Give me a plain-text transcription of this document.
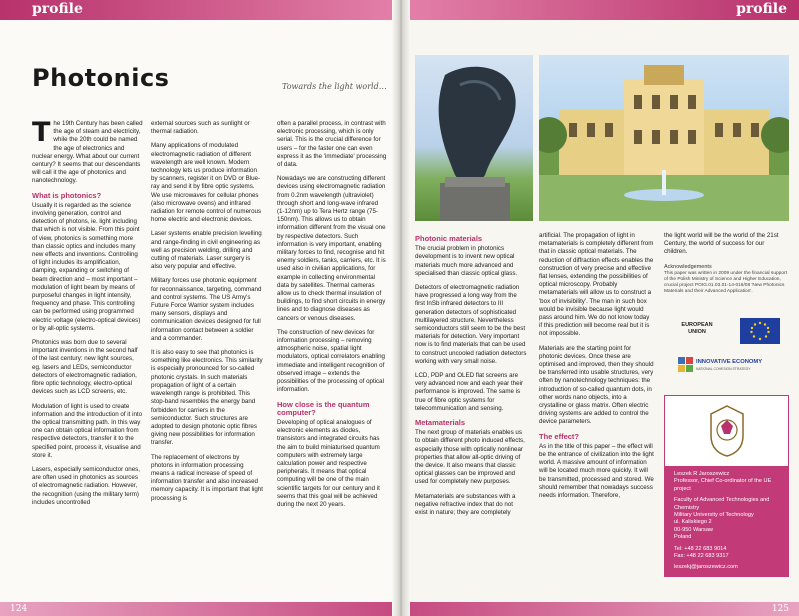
profile	profile
Photonics	Towards the light world…

The 19th Century has been called the age of steam and electricity, while the 20th could be named the age of electronics and nuclear energy. What about our current century? It seems that our descendants will call it the age of photonics and nanotechnology.

What is photonics?

Usually it is regarded as the science involving generation, control and detection of photons, ie. light including that which is not visible. From this point of view, photonics is something more than classic optics and includes many new effects and inventions. Controlling of light includes its amplification, damping, expanding or switching of beam direction and – most important – modulation of light beam by means of purposeful changes in light intensity, frequency and phase. This controlling can be performed using programmed electric voltage (electro-optical devices) or by all-optic systems.

Photonics was born due to several important inventions in the second half of the last century: new light sources, eg. lasers and LEDs, semiconductor detectors of electromagnetic radiation, fibre optic technology, electro-optical devices such as LCD screens, etc.

Modulation of light is used to create information and the introduction of it into the optical transmitting path. In this way one can obtain optical information from respective detectors, transfer it to the specified point, process it, visualise and store it.

Lasers, especially semiconductor ones, are often used in photonics as sources of electromagnetic radiation. However, the recognition (using the military term) includes uncontrolled

external sources such as sunlight or thermal radiation.

Many applications of modulated electromagnetic radiation of different wavelength are well known. Modern technology lets us produce information by scanners, register it on DVD or Blue-ray and send it by fibre optic systems. We use microwaves for cellular phones (also microwave ovens) and infrared radiation for remote control of numerous home electric and electronic devices.

Laser systems enable precision levelling and range-finding in civil engineering as well as precision welding, drilling and cutting of materials. Laser surgery is also very popular and effective.

Military forces use photonic equipment for reconnaissance, targeting, command and control systems. The US Army's Future Force Warrior system includes many sensors, displays and communication devices designed for full information contact between a soldier and a commander.

It is also easy to see that photonics is something like electronics. This similarity is especially pronounced for so-called photonic crystals. In such materials propagation of light of a certain wavelength range is prohibited. This stop-band resembles the energy band forbidden for carriers in the semiconductor. Such structures are adopted to design photonic optic fibres giving new possibilities for information transfer.

The replacement of electrons by photons in information processing means a radical increase of speed of information transfer and also increased memory capacity. It is important that light processing is

often a parallel process, in contrast with electronic processing, which is only serial. This is the crucial difference for users – for the faster one can even express it as the 'immediate' processing of data.

Nowadays we are constructing different devices using electromagnetic radiation from 0.2nm wavelength (ultraviolet) through short and long-wave infrared (1-12nm) up to Tera Hertz range (75-150nm). This allows us to obtain information different from the visual one by respective detectors. Such information is very important, enabling military forces to find, recognise and hit enemy soldiers, tanks, carriers, etc. It is used also in civilian applications, for example in collecting environmental data by satellites. Thermal cameras allow us to check thermal insulation of buildings, to find short circuits in energy lines and to diagnose diseases as cancers or venous diseases.

The construction of new devices for information processing – removing atmospheric noise, spatial light modulators, optical correlators enabling immediate and intelligent recognition of observed image – extends the possibilities of the processing of optical information.

How close is the quantum computer?

Developing of optical analogues of electronic elements as diodes, transistors and integrated circuits has the aim to build miniaturised quantum computers with extremely large calculation power and respective peripherals. It means that optical computing will be one of the main scientific targets for our century and it seems that this goal will be achieved during the next 20 years.

Photonic materials

The crucial problem in photonics development is to invent new optical materials much more advanced and specialised than classic optical glass.

Detectors of electromagnetic radiation have progressed a long way from the first InSb infrared detectors to III generation detectors of sophisticated multilayered structure. Nevertheless semiconductors still seem to be the best materials for detection. Very important now is to find materials that can be used to construct uncooled radiation detectors working with very small noise.

LCD, PDP and OLED flat screens are very advanced now and each year their performance is improved. The same is true of fibre optic systems for telecommunication and sensing.

Metamaterials

The next group of materials enables us to obtain different photo induced effects, especially those with optically nonlinear properties that allow all-optic driving of the device. It also means that classic optical glasses can be improved and used for completely new purposes.

Metamaterials are substances with a negative refractive index that do not exist in nature; they are completely

artificial. The propagation of light in metamaterials is completely different from that in classic optical materials. The reduction of diffraction effects enables the construction of very precise and effective flat lenses, extending the possibilities of optical microscopy. Probably metamaterials will allow us to construct a 'box of invisibility'. The man in such box would be invisible because light would pass around him. We do not know today if this prediction will become real but it is not impossible.

Materials are the starting point for photonic devices. Once these are optimised and improved, then they should be transferred into usable structures, very often by nanotechnology techniques: the introduction of so-called quantum dots, in other words nano objects, into a crystalline or glass matrix. Often electric driving systems are added to control the device parameters.

The effect?

As in the title of this paper – the effect will be the entrance of civilization into the light world. A massive amount of information will be located much more quickly. It will be transmitted, processed and stored. We should remember that nowadays success needs information. Therefore,

the light world will be the world of the 21st Century, the world of success for our children.

Acknowledgements
This paper was written in 2009 under the financial support of the Polish Ministry of Science and Higher Education, crucial project POIG.01.03.01-14-016/08 'New Photonics Materials and their Advanced Application'.
EUROPEAN
UNION
INNOVATIVE ECONOMY
NATIONAL COHESION STRATEGY

Leszek R Jaroszewicz
Professor, Chief Co-ordinator of the UE project

Faculty of Advanced Technologies and Chemistry
Military University of Technology
ul. Kaliskiego 2
00-950 Warsaw
Poland

Tel: +48 22 683 9014
Fax: +48 22 683 9317

leszekj@jaroszewicz.com

124	125
